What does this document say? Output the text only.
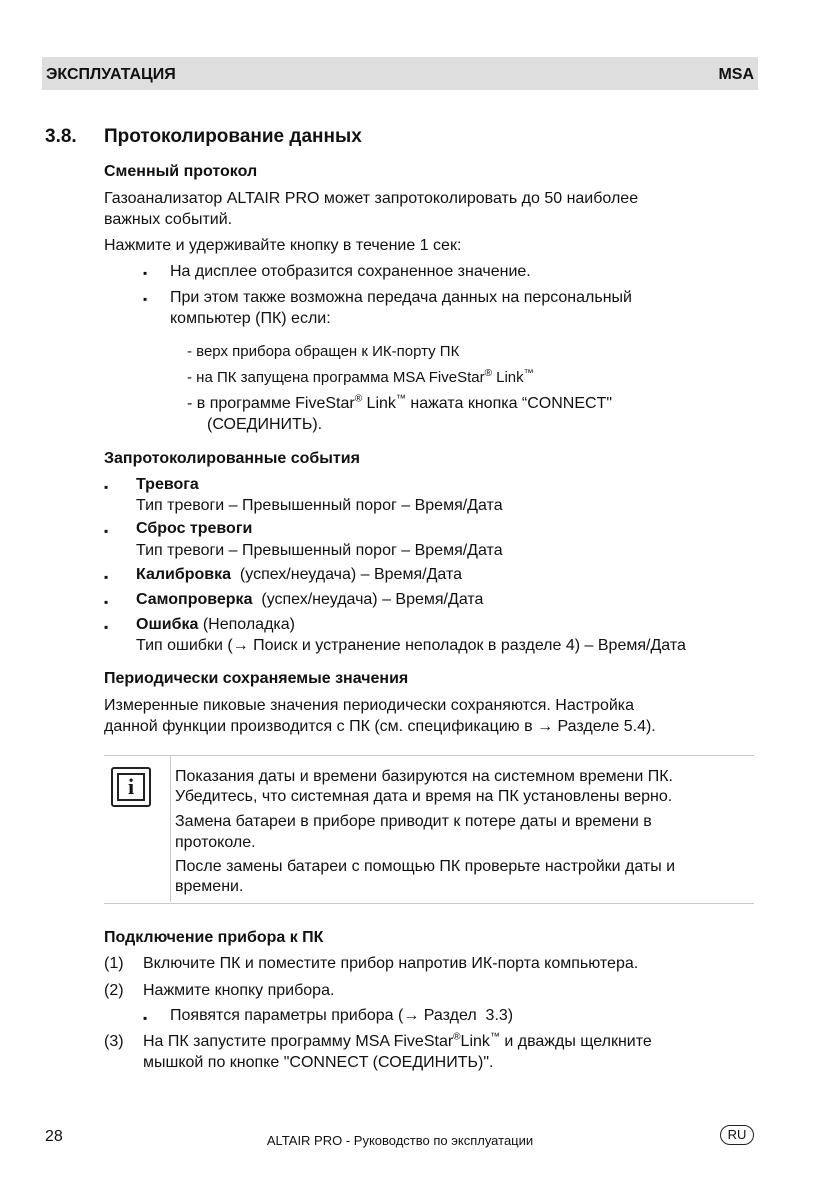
ЭКСПЛУАТАЦИЯ	MSA
3.8. Протоколирование данных
Сменный протокол
Газоанализатор ALTAIR PRO может запротоколировать до 50 наиболее
важных событий.
Нажмите и удерживайте кнопку в течение 1 сек:
▪ На дисплее отобразится сохраненное значение.
▪ При этом также возможна передача данных на персональный
компьютер (ПК) если:
- верх прибора обращен к ИК-порту ПК
- на ПК запущена программа MSA FiveStar® Link™
- в программе FiveStar® Link™ нажата кнопка “CONNECT"
(СОЕДИНИТЬ).
Запротоколированные события
▪ Тревога
Тип тревоги – Превышенный порог – Время/Дата
▪ Сброс тревоги
Тип тревоги – Превышенный порог – Время/Дата
▪ Калибровка  (успех/неудача) – Время/Дата
▪ Самопроверка  (успех/неудача) – Время/Дата
▪ Ошибка (Неполадка)
Тип ошибки (→ Поиск и устранение неполадок в разделе 4) – Время/Дата
Периодически сохраняемые значения
Измеренные пиковые значения периодически сохраняются. Настройка
данной функции производится с ПК (см. спецификацию в → Разделе 5.4).
i	Показания даты и времени базируются на системном времени ПК.
Убедитесь, что системная дата и время на ПК установлены верно.
Замена батареи в приборе приводит к потере даты и времени в
протоколе.
После замены батареи с помощью ПК проверьте настройки даты и
времени.
Подключение прибора к ПК
(1) Включите ПК и поместите прибор напротив ИК-порта компьютера.
(2) Нажмите кнопку прибора.
▪ Появятся параметры прибора (→ Раздел  3.3)
(3) На ПК запустите программу MSA FiveStar®Link™ и дважды щелкните
мышкой по кнопке "CONNECT (СОЕДИНИТЬ)".
28	ALTAIR PRO - Руководство по эксплуатации	RU
